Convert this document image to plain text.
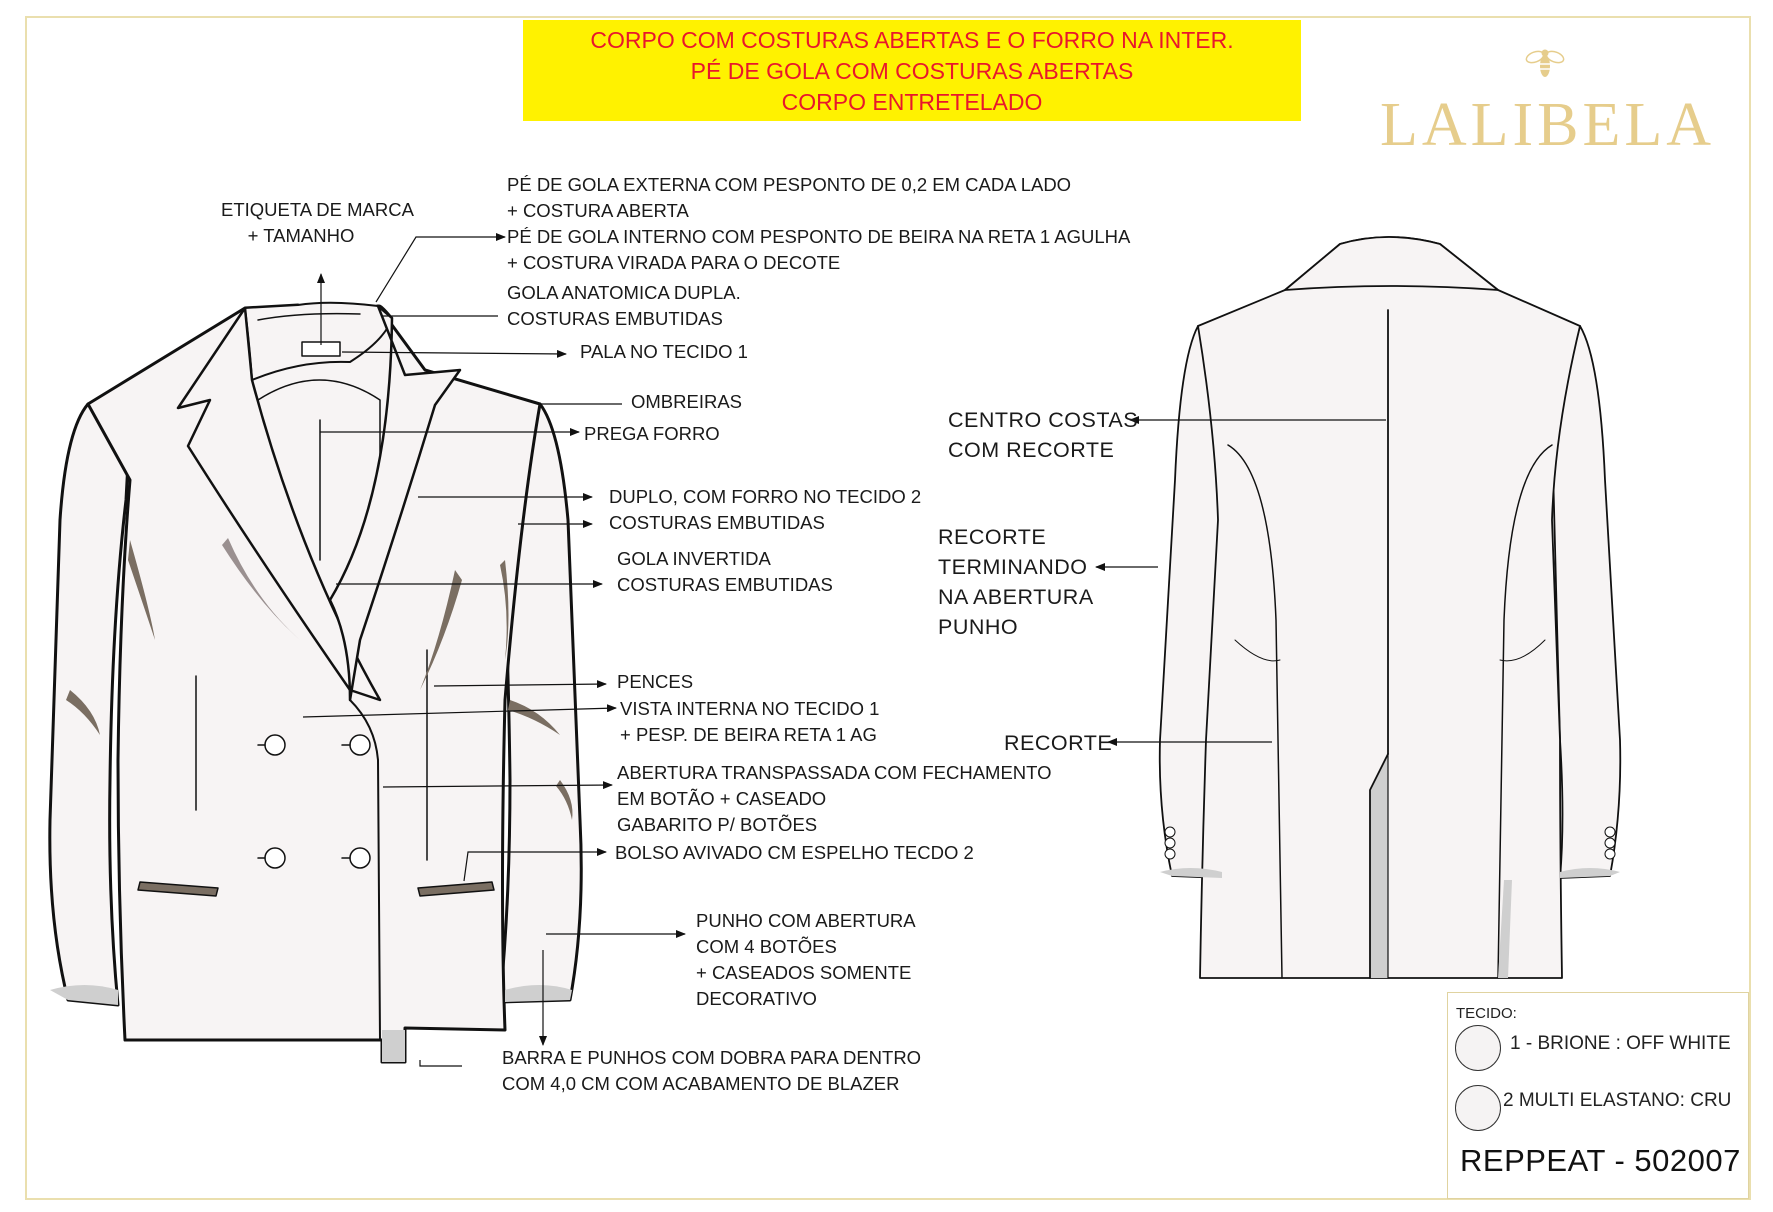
CORPO COM COSTURAS ABERTAS E O FORRO NA INTER.
PÉ DE GOLA COM COSTURAS ABERTAS
CORPO ENTRETELADO	LALIBELA
ETIQUETA DE MARCA
+ TAMANHO
PÉ DE GOLA EXTERNA COM PESPONTO DE 0,2 EM CADA LADO
+ COSTURA ABERTA
PÉ DE GOLA INTERNO COM PESPONTO DE BEIRA NA RETA 1 AGULHA
+ COSTURA VIRADA PARA O DECOTE
GOLA ANATOMICA DUPLA.
COSTURAS EMBUTIDAS
PALA NO TECIDO 1
OMBREIRAS
PREGA FORRO
DUPLO, COM FORRO NO TECIDO 2
COSTURAS EMBUTIDAS
GOLA INVERTIDA
COSTURAS EMBUTIDAS
PENCES
VISTA INTERNA NO TECIDO 1
+ PESP. DE BEIRA RETA 1 AG
ABERTURA TRANSPASSADA COM FECHAMENTO
EM BOTÃO + CASEADO
GABARITO P/ BOTÕES
BOLSO AVIVADO CM ESPELHO TECDO 2
PUNHO COM ABERTURA
COM 4 BOTÕES
+ CASEADOS SOMENTE
DECORATIVO
BARRA E PUNHOS COM DOBRA PARA DENTRO
COM 4,0 CM COM ACABAMENTO DE BLAZER
CENTRO COSTAS
COM RECORTE
RECORTE
TERMINANDO
NA ABERTURA
PUNHO
RECORTE
TECIDO:
1 - BRIONE : OFF WHITE
2 MULTI ELASTANO: CRU
REPPEAT - 502007
